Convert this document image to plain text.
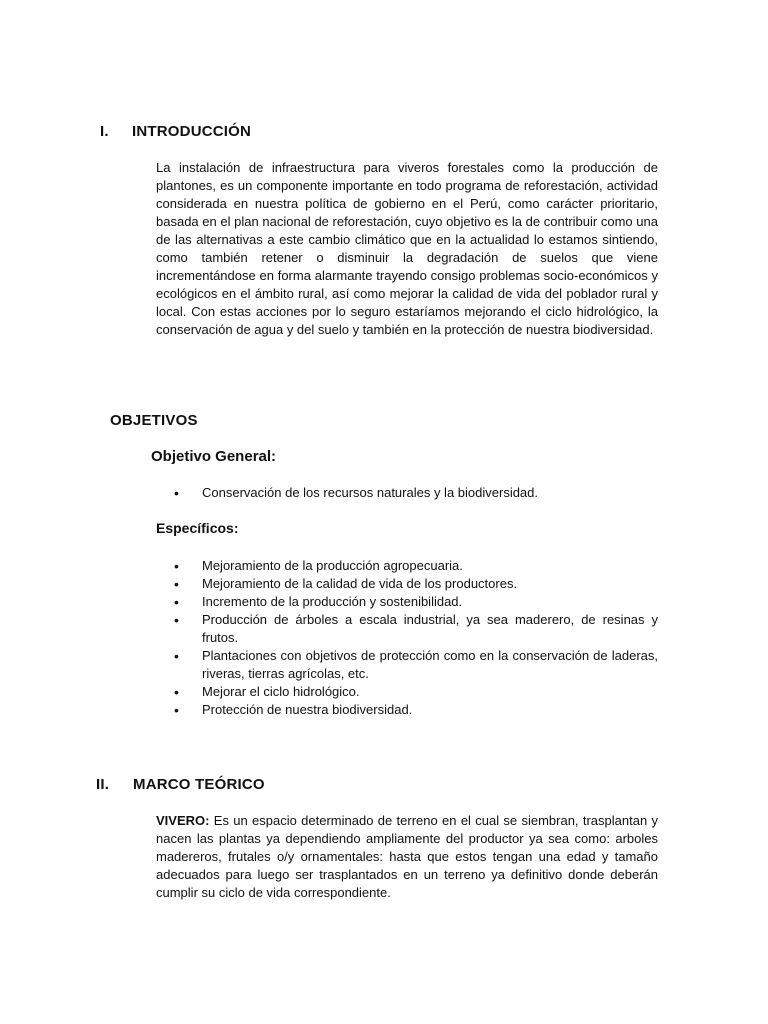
I. INTRODUCCIÓN

La instalación de infraestructura para viveros forestales como la producción de plantones, es un componente importante en todo programa de reforestación, actividad considerada en nuestra política de gobierno en el Perú, como carácter prioritario, basada en el plan nacional de reforestación, cuyo objetivo es la de contribuir como una de las alternativas a este cambio climático que en la actualidad lo estamos sintiendo, como también retener o disminuir la degradación de suelos que viene incrementándose en forma alarmante trayendo consigo problemas socio-económicos y ecológicos en el ámbito rural, así como mejorar la calidad de vida del poblador rural y local. Con estas acciones por lo seguro estaríamos mejorando el ciclo hidrológico, la conservación de agua y del suelo y también en la protección de nuestra biodiversidad.

OBJETIVOS
Objetivo General:
• Conservación de los recursos naturales y la biodiversidad.
Específicos:
• Mejoramiento de la producción agropecuaria.
• Mejoramiento de la calidad de vida de los productores.
• Incremento de la producción y sostenibilidad.
• Producción de árboles a escala industrial, ya sea maderero, de resinas y frutos.
• Plantaciones con objetivos de protección como en la conservación de laderas, riveras, tierras agrícolas, etc.
• Mejorar el ciclo hidrológico.
• Protección de nuestra biodiversidad.
II. MARCO TEÓRICO

VIVERO: Es un espacio determinado de terreno en el cual se siembran, trasplantan y nacen las plantas ya dependiendo ampliamente del productor ya sea como: arboles madereros, frutales o/y ornamentales: hasta que estos tengan una edad y tamaño adecuados para luego ser trasplantados en un terreno ya definitivo donde deberán cumplir su ciclo de vida correspondiente.
